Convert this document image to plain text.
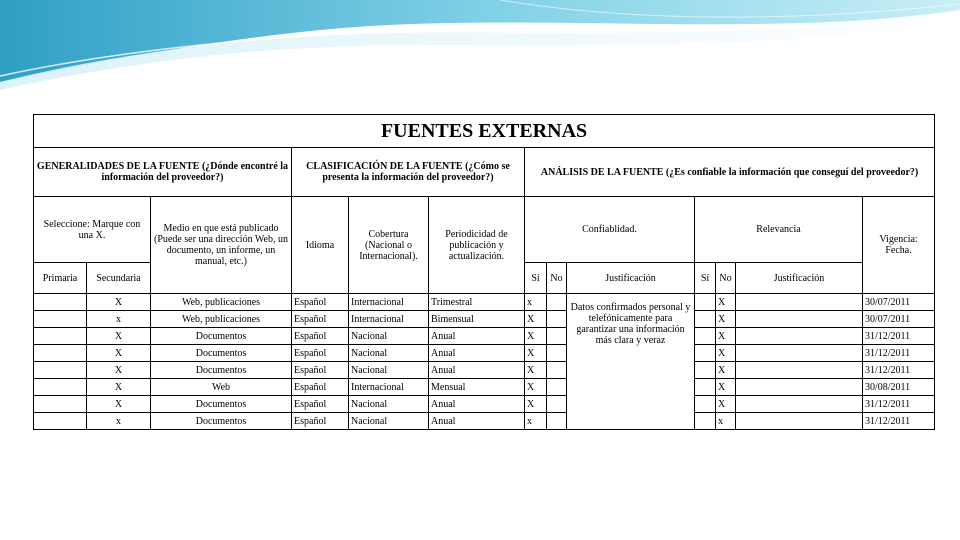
FUENTES EXTERNAS												
GENERALIDADES DE LA FUENTE (¿Dónde encontré la información del proveedor?)			CLASIFICACIÓN DE LA FUENTE (¿Cómo se presenta la información del proveedor?)			ANÁLISIS DE LA FUENTE (¿Es confiable la información que conseguí del proveedor?)						
Seleccione: Marque con una X.		Medio en que está publicado (Puede ser una dirección Web, un documento, un informe, un manual, etc.)	Idioma	Cobertura (Nacional o Internacional).	Periodicidad de publicación y actualización.	Confiablidad.			Relevancia			Vigencia: Fecha.
Primaria	Secundaria					Sí	No	Justificación	Sí	No	Justificación	
	X	Web, publicaciones	Español	Internacional	Trimestral	x		Datos confirmados personal y telefónicamente para garantizar una información más clara y veraz		X		30/07/2011
	x	Web, publicaciones	Español	Internacional	Bimensual	X				X		30/07/2011
	X	Documentos	Español	Nacional	Anual	X				X		31/12/2011
	X	Documentos	Español	Nacional	Anual	X				X		31/12/2011
	X	Documentos	Español	Nacional	Anual	X				X		31/12/2011
	X	Web	Español	Internacional	Mensual	X				X		30/08/2011
	X	Documentos	Español	Nacional	Anual	X				X		31/12/2011
	x	Documentos	Español	Nacional	Anual	x				x		31/12/2011
